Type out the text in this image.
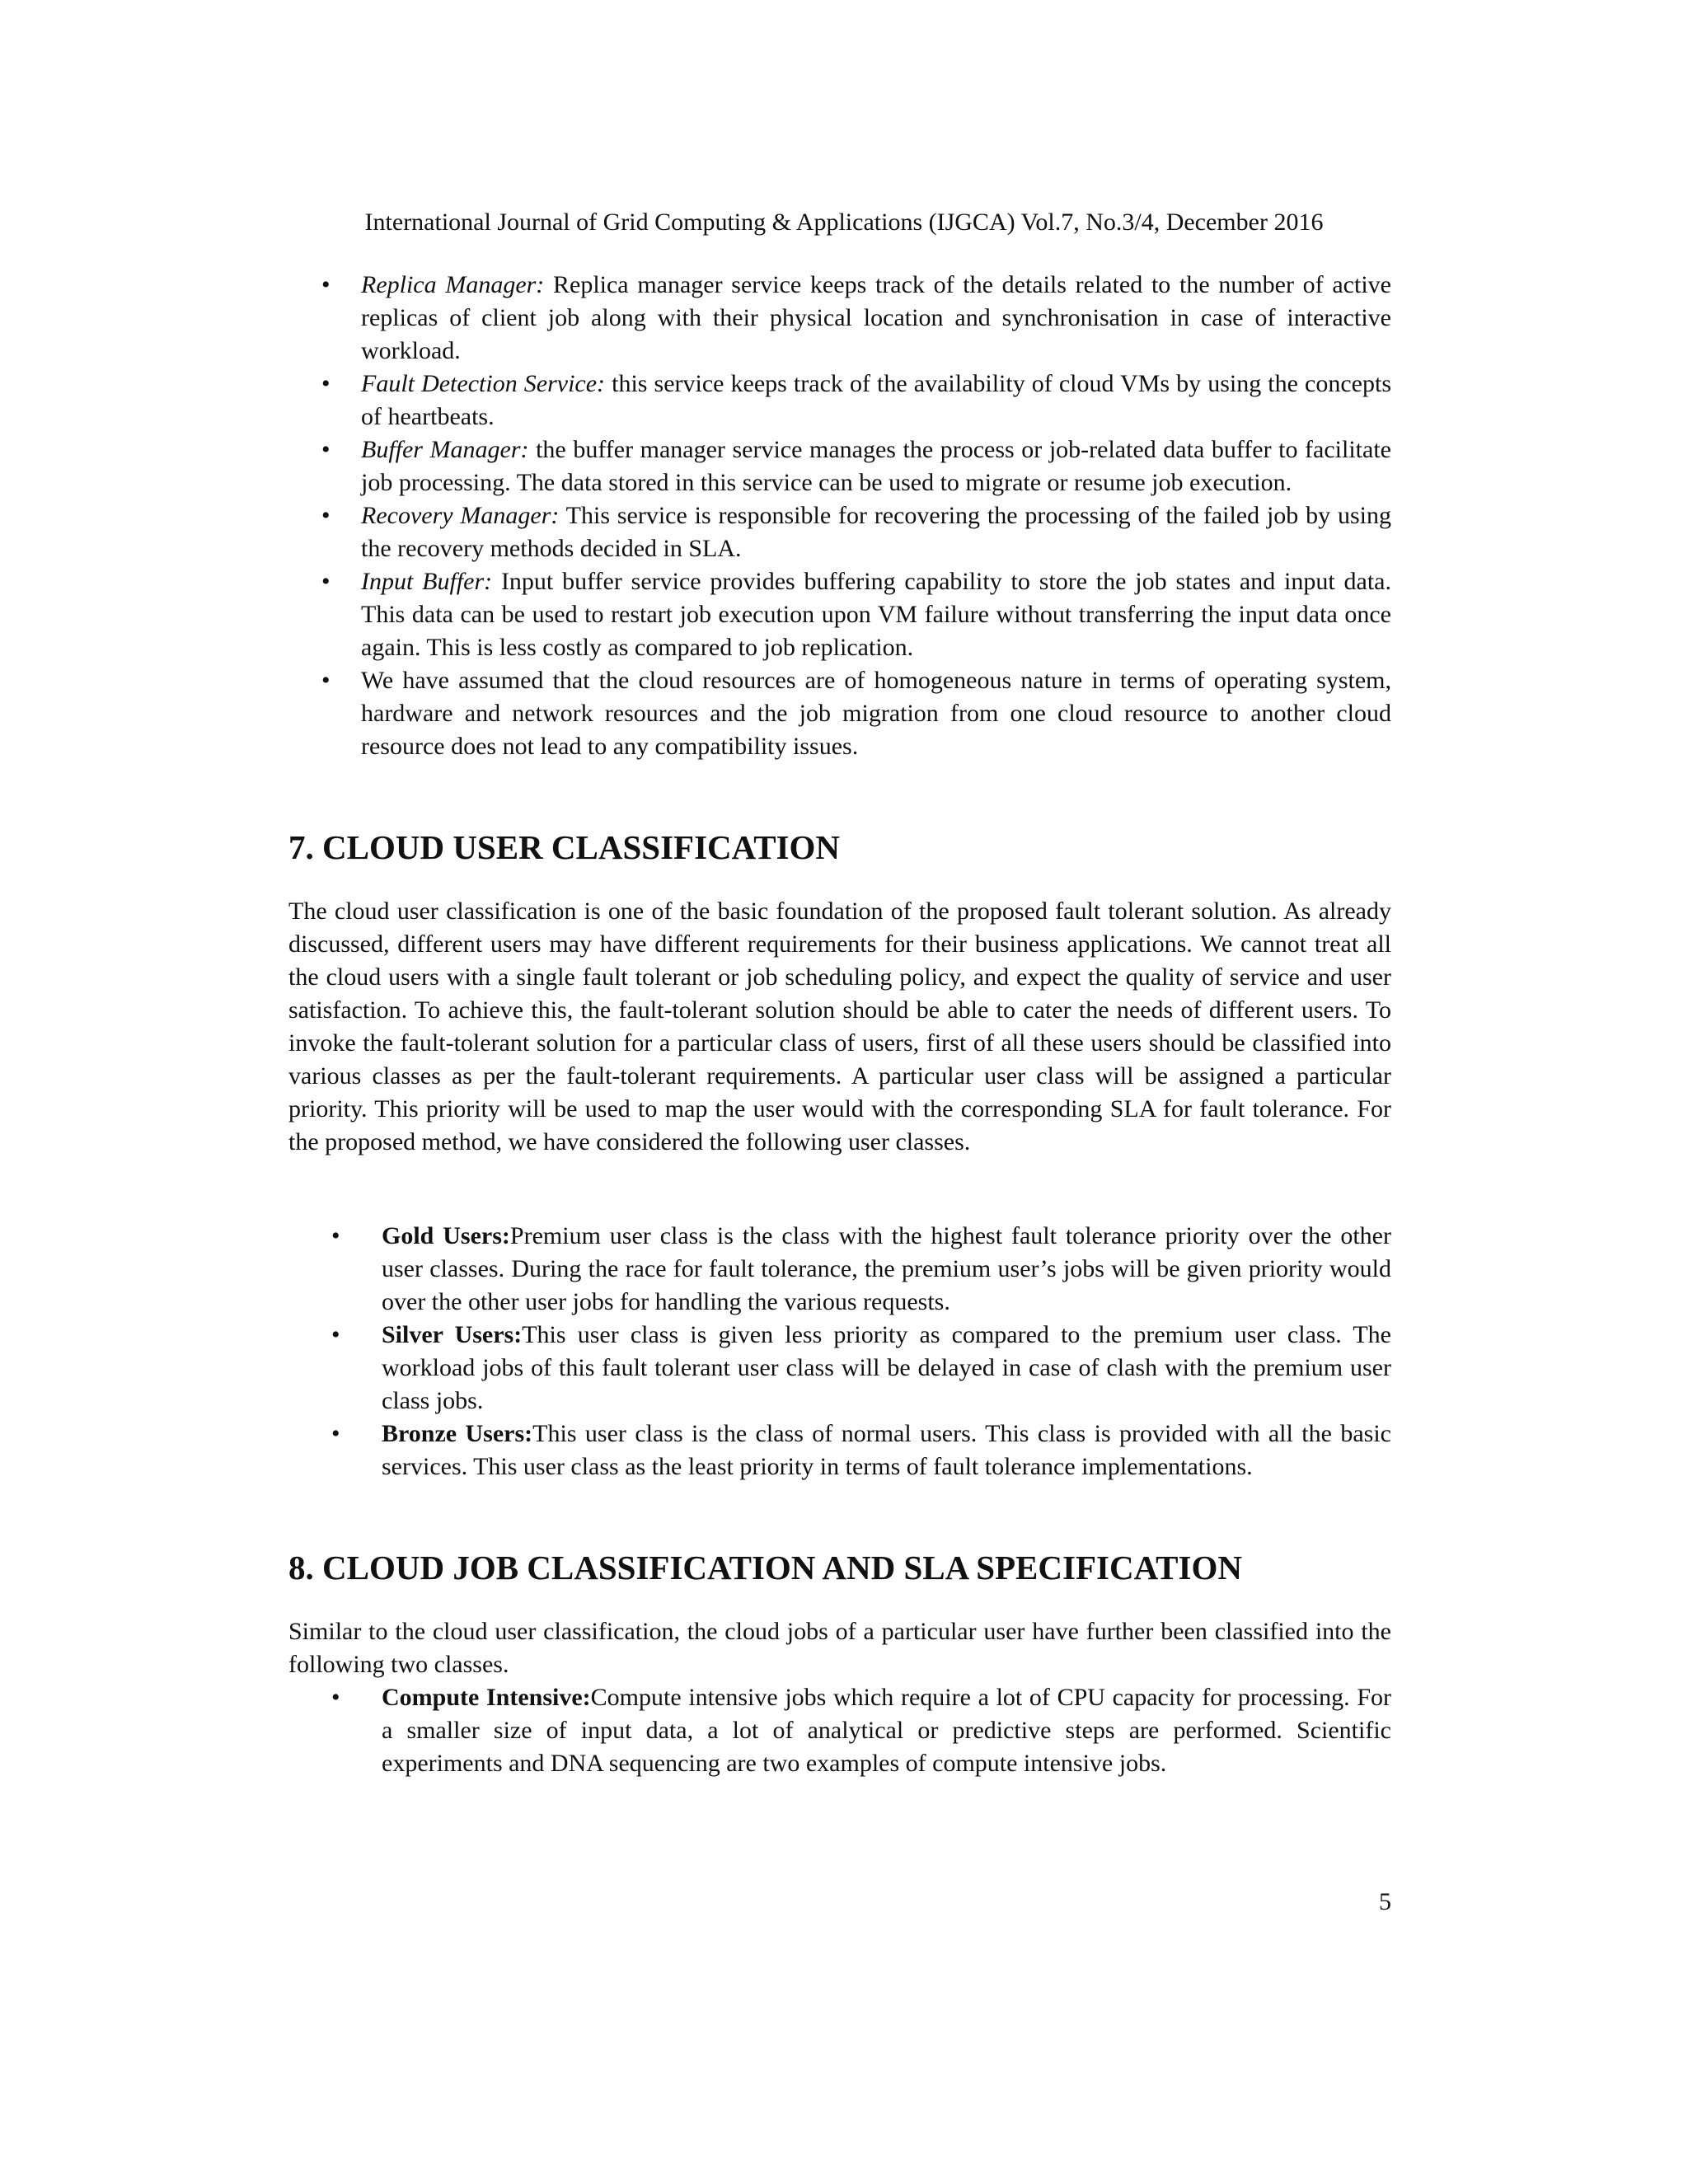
International Journal of Grid Computing & Applications (IJGCA) Vol.7, No.3/4, December 2016

• Replica Manager: Replica manager service keeps track of the details related to the number of active replicas of client job along with their physical location and synchronisation in case of interactive workload.
• Fault Detection Service: this service keeps track of the availability of cloud VMs by using the concepts of heartbeats.
• Buffer Manager: the buffer manager service manages the process or job-related data buffer to facilitate job processing. The data stored in this service can be used to migrate or resume job execution.
• Recovery Manager: This service is responsible for recovering the processing of the failed job by using the recovery methods decided in SLA.
• Input Buffer: Input buffer service provides buffering capability to store the job states and input data. This data can be used to restart job execution upon VM failure without transferring the input data once again. This is less costly as compared to job replication.
• We have assumed that the cloud resources are of homogeneous nature in terms of operating system, hardware and network resources and the job migration from one cloud resource to another cloud resource does not lead to any compatibility issues.
7. CLOUD USER CLASSIFICATION

The cloud user classification is one of the basic foundation of the proposed fault tolerant solution. As already discussed, different users may have different requirements for their business applications. We cannot treat all the cloud users with a single fault tolerant or job scheduling policy, and expect the quality of service and user satisfaction. To achieve this, the fault-tolerant solution should be able to cater the needs of different users. To invoke the fault-tolerant solution for a particular class of users, first of all these users should be classified into various classes as per the fault-tolerant requirements. A particular user class will be assigned a particular priority. This priority will be used to map the user would with the corresponding SLA for fault tolerance. For the proposed method, we have considered the following user classes.

• Gold Users:Premium user class is the class with the highest fault tolerance priority over the other user classes. During the race for fault tolerance, the premium user’s jobs will be given priority would over the other user jobs for handling the various requests.
• Silver Users:This user class is given less priority as compared to the premium user class. The workload jobs of this fault tolerant user class will be delayed in case of clash with the premium user class jobs.
• Bronze Users:This user class is the class of normal users. This class is provided with all the basic services. This user class as the least priority in terms of fault tolerance implementations.
8. CLOUD JOB CLASSIFICATION AND SLA SPECIFICATION

Similar to the cloud user classification, the cloud jobs of a particular user have further been classified into the following two classes.

• Compute Intensive:Compute intensive jobs which require a lot of CPU capacity for processing. For a smaller size of input data, a lot of analytical or predictive steps are performed. Scientific experiments and DNA sequencing are two examples of compute intensive jobs.

5
